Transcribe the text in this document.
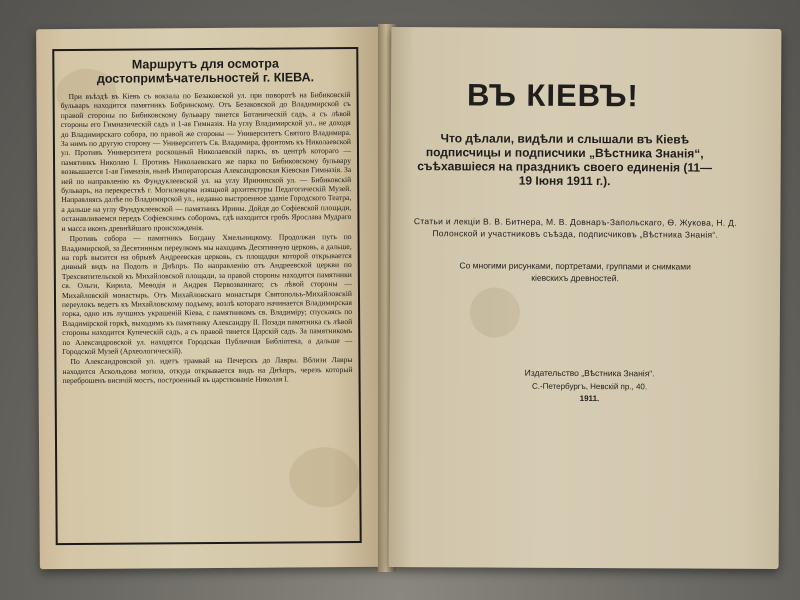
Маршрутъ для осмотра
достопримѣчательностей г. КIЕВА.

При въѣздѣ въ Кiевъ съ вокзала по Безаковской ул. при поворотѣ на Бибиковскiй бульваръ находится памятникъ Бобринскому. Отъ Безаковской до Владимирской съ правой стороны по Бибиковскому бульвару тянется Ботаническiй садъ, а съ лѣвой стороны его Гимназическiй садъ и 1-ая Гимназiя. На углу Владимирской ул., не доходя до Владимирскаго собора, по правой же стороны — Университетъ Святого Владимира. За нимъ по другую сторону — Университетъ Св. Владимира, фронтомъ къ Николаевской ул. Противъ Университета роскошный Николаевскiй паркъ, въ центрѣ котораго — памятникъ Николаю I. Противъ Николаевскаго же парка по Бибиковскому бульвару возвышается 1-ая Гимназiя, нынѣ Императорская Александровская Кiевская Гимназiя. За ней по направленiю къ Фундуклеевской ул. на углу Ирининской ул. — Бибиковскiй бульваръ, на перекресткѣ г. Могилевцева изящной архитектуры Педагогическiй Музей. Направляясь далѣе по Владимирской ул., недавно выстроенное зданiе Городского Театра, а дальше на углу Фундуклеевской — памятникъ Ирины. Дойдя до Софiевской площади, останавливаемся передъ Софiевскимъ соборомъ, гдѣ находится гробъ Ярослава Мудраго и масса иконъ древнѣйшаго происхожденiя.

Противъ собора — памятникъ Богдану Хмельницкому. Продолжая путь по Владимирской, за Десятинным переулкомъ мы находимъ Десятинную церковь, а дальше, на горѣ высится на обрывѣ Андреевская церковь, съ площадки которой открывается дивный видъ на Подолъ и Днѣпръ. По направленiю отъ Андреевской церкви по Трехсвятительской къ Михайловской площади, за правой стороны находятся памятники св. Ольги, Кирила, Меѳодiя и Андрея Первозваннаго; съ лѣвой стороны — Михайловскiй монастырь. Отъ Михайловскаго монастыря Святопольъ-Михайловскiй переулокъ ведетъ къ Михайловскому подъему, возлѣ котораго начинается Владимирская горка, одно изъ лучшихъ украшенiй Кiева, с памятникомъ св. Владимiру; спускаясь по Владимiрской горкѣ, выходимъ къ памятнику Александру II. Позади памятника съ лѣвой стороны находится Купеческiй садъ, а съ правой тянется Царскiй садъ. За памятникомъ по Александровской ул. находятся Городская Публичная Библiотека, а дальше — Городской Музей (Археологическiй).

По Александровской ул. идетъ трамвай на Печерскъ до Лавры. Вблизи Лавры находится Аскольдова могила, откуда открывается видъ на Днѣпръ, черезъ который переброшенъ висячiй мостъ, построенный въ царствованiе Николая I.

ВЪ КIЕВЪ!
Что дѣлали, видѣли и слышали въ Кiевѣ подписчицы и подписчики „Вѣстника Знанiя“, съѣхавшiеся на праздникъ своего единенiя (11—19 Iюня 1911 г.).
Статьи и лекцiи В. В. Битнера, М. В. Довнаръ-Запольскаго, Ѳ. Жукова, Н. Д. Полонской и участниковъ съѣзда, подписчиковъ „Вѣстника Знанiя“.
Со многими рисунками, портретами, группами и снимками кiевскихъ древностей.
Издательство „Вѣстника Знанiя“.
С.-Петербургъ, Невскiй пр., 40.
1911.
